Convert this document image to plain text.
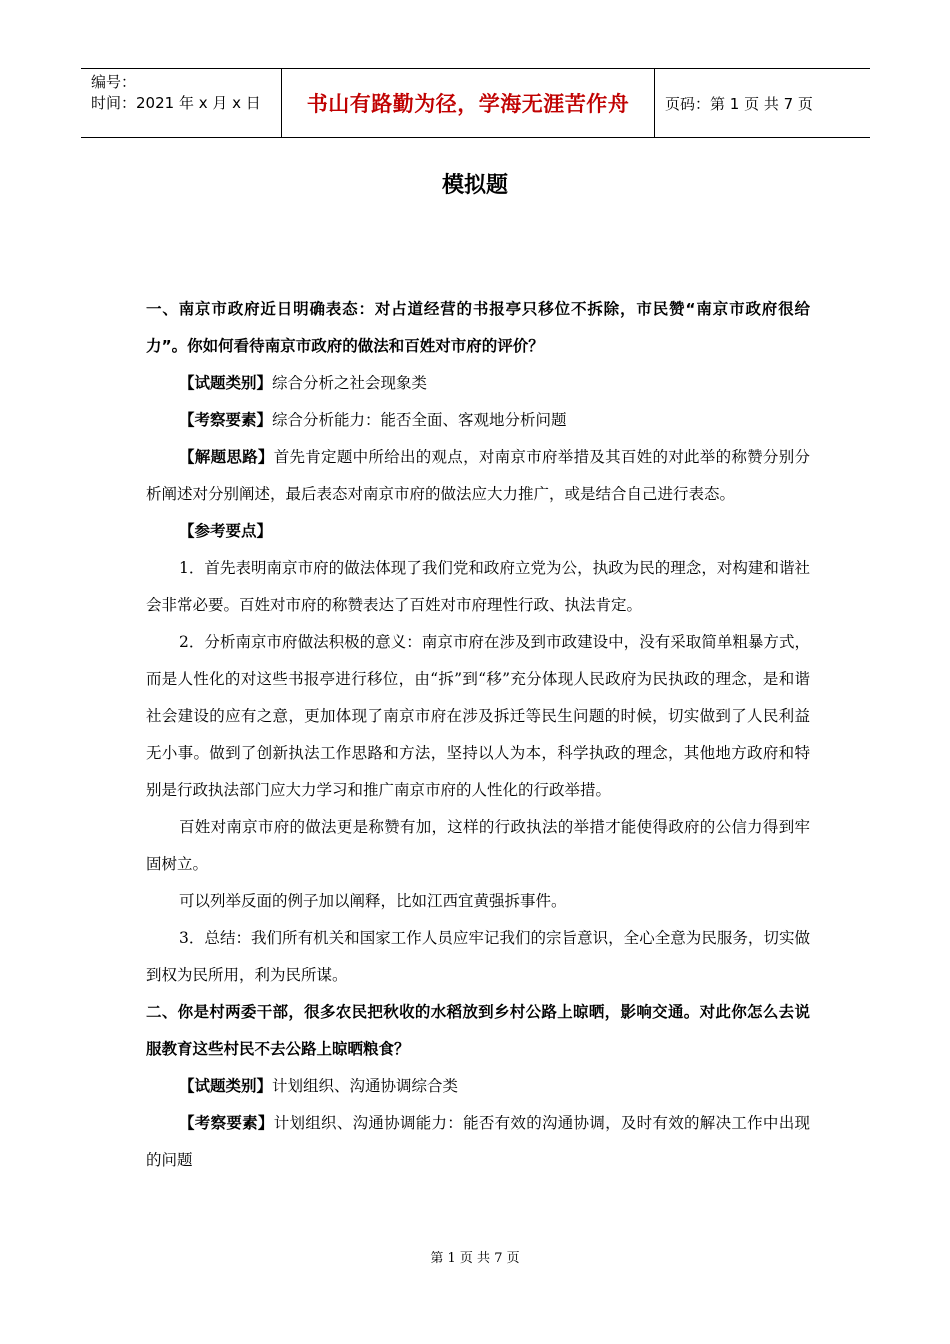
编号：
时间：2021 年 x 月 x 日	书山有路勤为径，学海无涯苦作舟	页码：第 1 页 共 7 页
模拟题

一、南京市政府近日明确表态：对占道经营的书报亭只移位不拆除，市民赞“南京市政府很给力”。你如何看待南京市政府的做法和百姓对市府的评价？

【试题类别】综合分析之社会现象类

【考察要素】综合分析能力：能否全面、客观地分析问题

【解题思路】首先肯定题中所给出的观点，对南京市府举措及其百姓的对此举的称赞分别分析阐述对分别阐述，最后表态对南京市府的做法应大力推广，或是结合自己进行表态。

【参考要点】

1．首先表明南京市府的做法体现了我们党和政府立党为公，执政为民的理念，对构建和谐社会非常必要。百姓对市府的称赞表达了百姓对市府理性行政、执法肯定。

2．分析南京市府做法积极的意义：南京市府在涉及到市政建设中，没有采取简单粗暴方式，而是人性化的对这些书报亭进行移位，由“拆”到“移”充分体现人民政府为民执政的理念，是和谐社会建设的应有之意，更加体现了南京市府在涉及拆迁等民生问题的时候，切实做到了人民利益无小事。做到了创新执法工作思路和方法，坚持以人为本，科学执政的理念，其他地方政府和特别是行政执法部门应大力学习和推广南京市府的人性化的行政举措。

百姓对南京市府的做法更是称赞有加，这样的行政执法的举措才能使得政府的公信力得到牢固树立。

可以列举反面的例子加以阐释，比如江西宜黄强拆事件。

3．总结：我们所有机关和国家工作人员应牢记我们的宗旨意识，全心全意为民服务，切实做到权为民所用，利为民所谋。

二、你是村两委干部，很多农民把秋收的水稻放到乡村公路上晾晒，影响交通。对此你怎么去说服教育这些村民不去公路上晾晒粮食？

【试题类别】计划组织、沟通协调综合类

【考察要素】计划组织、沟通协调能力：能否有效的沟通协调，及时有效的解决工作中出现的问题

第 1 页 共 7 页
